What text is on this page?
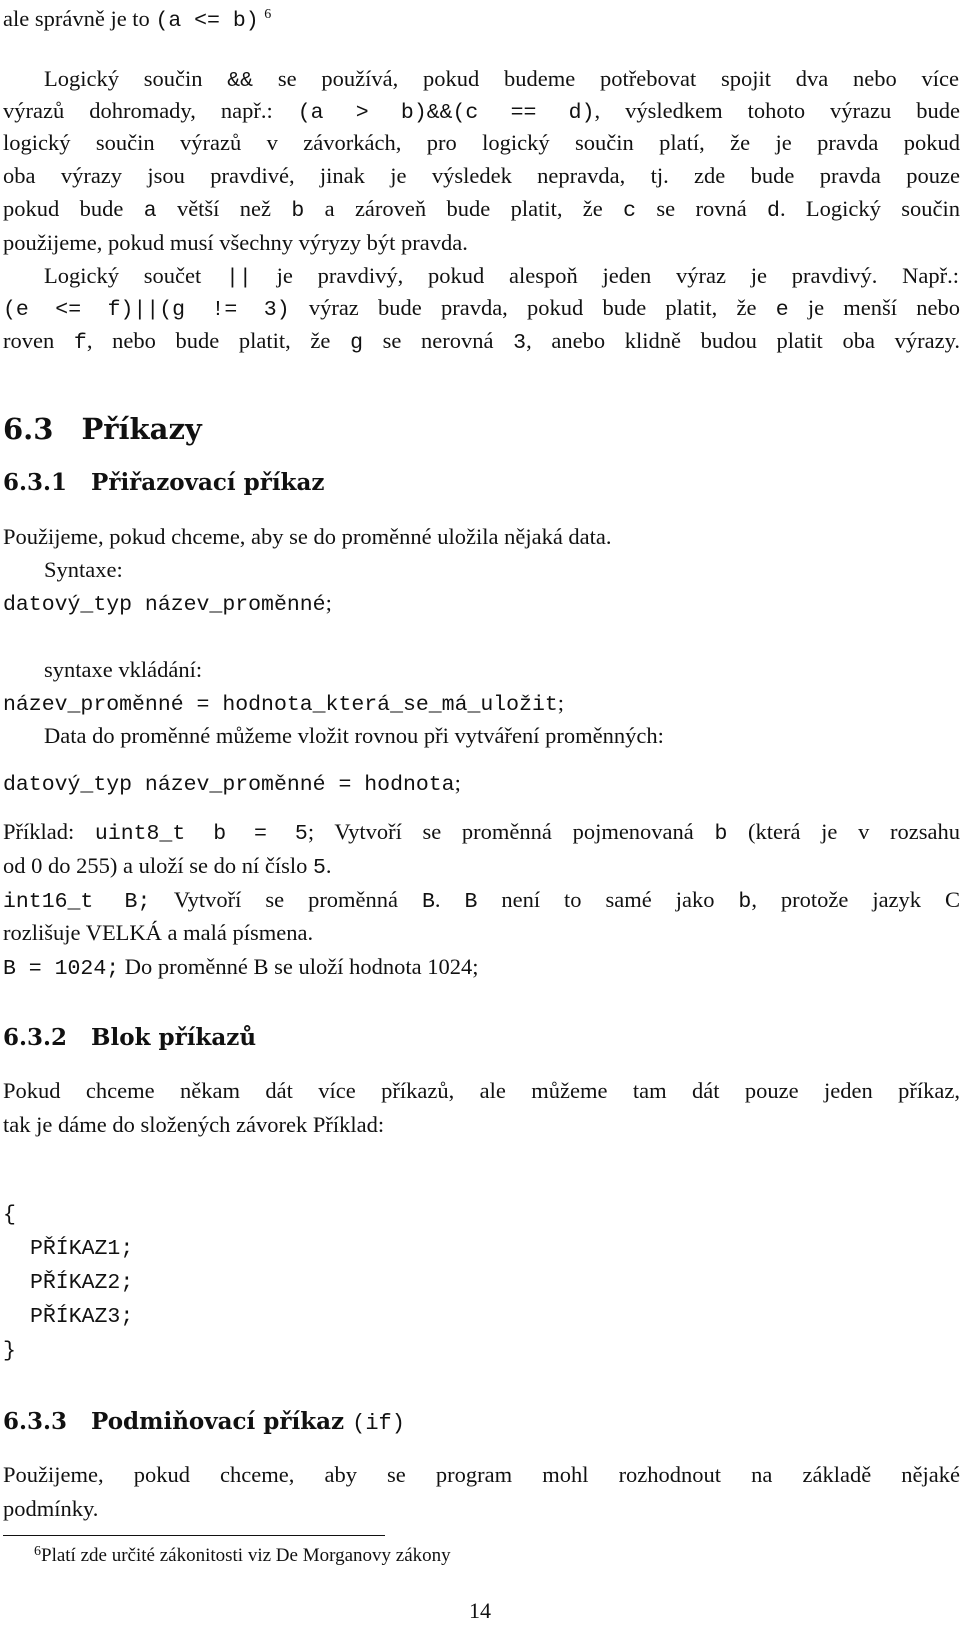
ale správně je to (a <= b) $^6$
Logický součin && se používá, pokud budeme potřebovat spojit dva nebo více
výrazů dohromady, např.: (a > b)&&(c == d), výsledkem tohoto výrazu bude
logický součin výrazů v závorkách, pro logický součin platí, že je pravda pokud
oba výrazy jsou pravdivé, jinak je výsledek nepravda, tj. zde bude pravda pouze
pokud bude a větší než b a zároveň bude platit, že c se rovná d. Logický součin
použijeme, pokud musí všechny výryzy být pravda.
Logický součet || je pravdivý, pokud alespoň jeden výraz je pravdivý. Např.:
(e <= f)||(g != 3) výraz bude pravda, pokud bude platit, že e je menší nebo
roven f, nebo bude platit, že g se nerovná 3, anebo klidně budou platit oba výrazy.
6.3 Příkazy
6.3.1 Přiřazovací příkaz
Použijeme, pokud chceme, aby se do proměnné uložila nějaká data.
Syntaxe:
datový_typ název_proměnné;
syntaxe vkládání:
název_proměnné = hodnota_která_se_má_uložit;
Data do proměnné můžeme vložit rovnou při vytváření proměnných:
datový_typ název_proměnné = hodnota;
Příklad: uint8_t b = 5; Vytvoří se proměnná pojmenovaná b (která je v rozsahu
od 0 do 255) a uloží se do ní číslo 5.
int16_t B; Vytvoří se proměnná B. B není to samé jako b, protože jazyk C
rozlišuje VELKÁ a malá písmena.
B = 1024; Do proměnné B se uloží hodnota 1024;
6.3.2 Blok příkazů
Pokud chceme někam dát více příkazů, ale můžeme tam dát pouze jeden příkaz,
tak je dáme do složených závorek Příklad:
{
PŘÍKAZ1;
PŘÍKAZ2;
PŘÍKAZ3;
}
6.3.3 Podmiňovací příkaz (if)
Použijeme, pokud chceme, aby se program mohl rozhodnout na základě nějaké
podmínky.
$^6$Platí zde určité zákonitosti viz De Morganovy zákony
14
